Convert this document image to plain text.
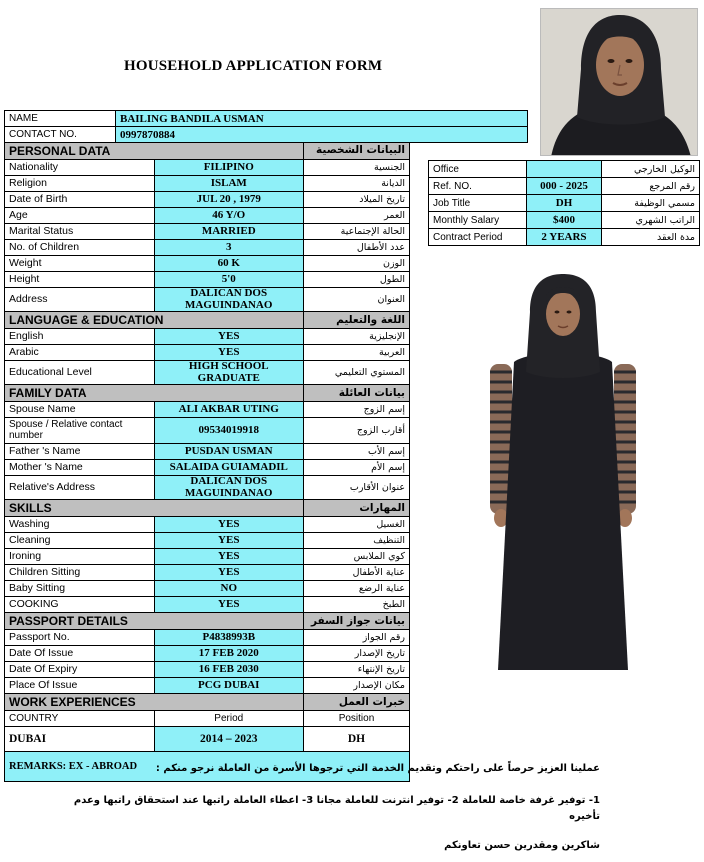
HOUSEHOLD APPLICATION FORM
NAME	BAILING BANDILA USMAN
CONTACT NO.	0997870884
PERSONAL DATA		البيانات الشخصية
Nationality	FILIPINO	الجنسية
Religion	ISLAM	الديانة
Date of Birth	JUL 20 , 1979	تاريخ الميلاد
Age	46 Y/O	العمر
Marital Status	MARRIED	الحالة الإجتماعية
No. of Children	3	عدد الأطفال
Weight	60 K	الوزن
Height	5'0	الطول
Address	DALICAN DOS MAGUINDANAO	العنوان
LANGUAGE & EDUCATION		اللغة والتعليم
English	YES	الإنجليزية
Arabic	YES	العربية
Educational Level	HIGH SCHOOL GRADUATE	المستوي التعليمي
FAMILY DATA		بيانات العائلة
Spouse Name	ALI AKBAR UTING	إسم الزوج
Spouse / Relative contact number	09534019918	أقارب الزوج
Father 's Name	PUSDAN USMAN	إسم الأب
Mother 's Name	SALAIDA GUIAMADIL	إسم الأم
Relative's Address	DALICAN DOS MAGUINDANAO	عنوان الأقارب
SKILLS		المهارات
Washing	YES	الغسيل
Cleaning	YES	التنظيف
Ironing	YES	كوي الملابس
Children Sitting	YES	عناية الأطفال
Baby Sitting	NO	عناية الرضع
COOKING	YES	الطبخ
PASSPORT DETAILS		بيانات جواز السفر
Passport No.	P4838993B	رقم الجواز
Date Of Issue	17 FEB 2020	تاريخ الإصدار
Date Of Expiry	16 FEB 2030	تاريخ الإنتهاء
Place Of Issue	PCG DUBAI	مكان الإصدار
WORK EXPERIENCES		خبرات العمل
COUNTRY	Period	Position
DUBAI	2014 – 2023	DH
REMARKS: EX - ABROAD		
Office		الوكيل الخارجي
Ref. NO.	000 - 2025	رقم المرجع
Job Title	DH	مسمي الوظيفة
Monthly Salary	$400	الراتب الشهري
Contract Period	2 YEARS	مدة العقد
عملينا العزيز حرصاً على راحتكم وتقديم الخدمة التي ترجوها الأسرة من العاملة نرجو منكم :
1- توفير غرفة خاصة للعاملة 2- توفير انترنت للعاملة مجانا 3- اعطاء العاملة راتبها عند استحقاق راتبها وعدم تأخيره
شاكرين ومقدرين حسن تعاونكم
